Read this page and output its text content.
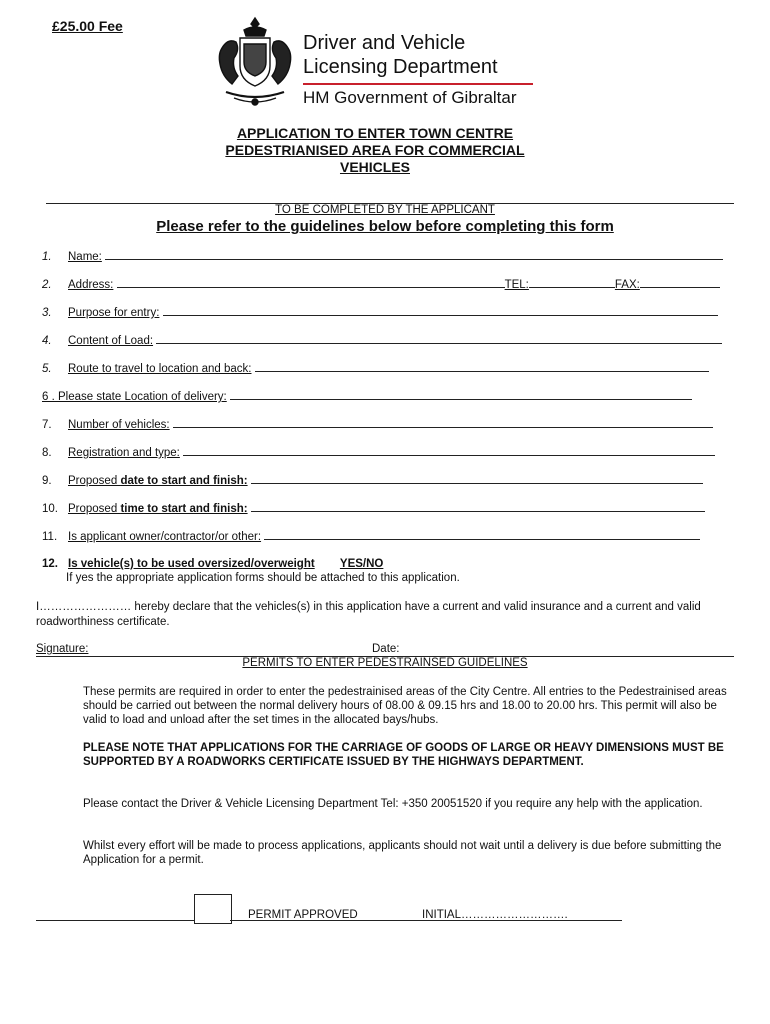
£25.00 Fee
Driver and Vehicle
Licensing Department
HM Government of Gibraltar
APPLICATION TO ENTER TOWN CENTRE
PEDESTRIANISED AREA FOR COMMERCIAL
VEHICLES
TO BE COMPLETED BY THE APPLICANT
Please refer to the guidelines below before completing this form
1. Name:
2. Address:	TEL:	FAX:
3. Purpose for entry:
4. Content of Load:
5. Route to travel to location and back:
6 . Please state Location of delivery:
7. Number of vehicles:
8. Registration and type:
9. Proposed date to start and finish:
10. Proposed time to start and finish:
11. Is applicant owner/contractor/or other:
12. Is vehicle(s) to be used oversized/overweight YES/NO
If yes the appropriate application forms should be attached to this application.
I…………………… hereby declare that the vehicles(s) in this application have a current and valid insurance and a current and valid roadworthiness certificate.
Signature:	Date:
PERMITS TO ENTER PEDESTRAINSED GUIDELINES
These permits are required in order to enter the pedestrainised areas of the City Centre. All entries to the Pedestrainised areas should be carried out between the normal delivery hours of 08.00 & 09.15 hrs and 18.00 to 20.00 hrs. This permit will also be valid to load and unload after the set times in the allocated bays/hubs.
PLEASE NOTE THAT APPLICATIONS FOR THE CARRIAGE OF GOODS OF LARGE OR HEAVY DIMENSIONS MUST BE SUPPORTED BY A ROADWORKS CERTIFICATE ISSUED BY THE HIGHWAYS DEPARTMENT.
Please contact the Driver & Vehicle Licensing Department Tel: +350 20051520 if you require any help with the application.
Whilst every effort will be made to process applications, applicants should not wait until a delivery is due before submitting the Application for a permit.
PERMIT APPROVED	INITIAL……………………….
